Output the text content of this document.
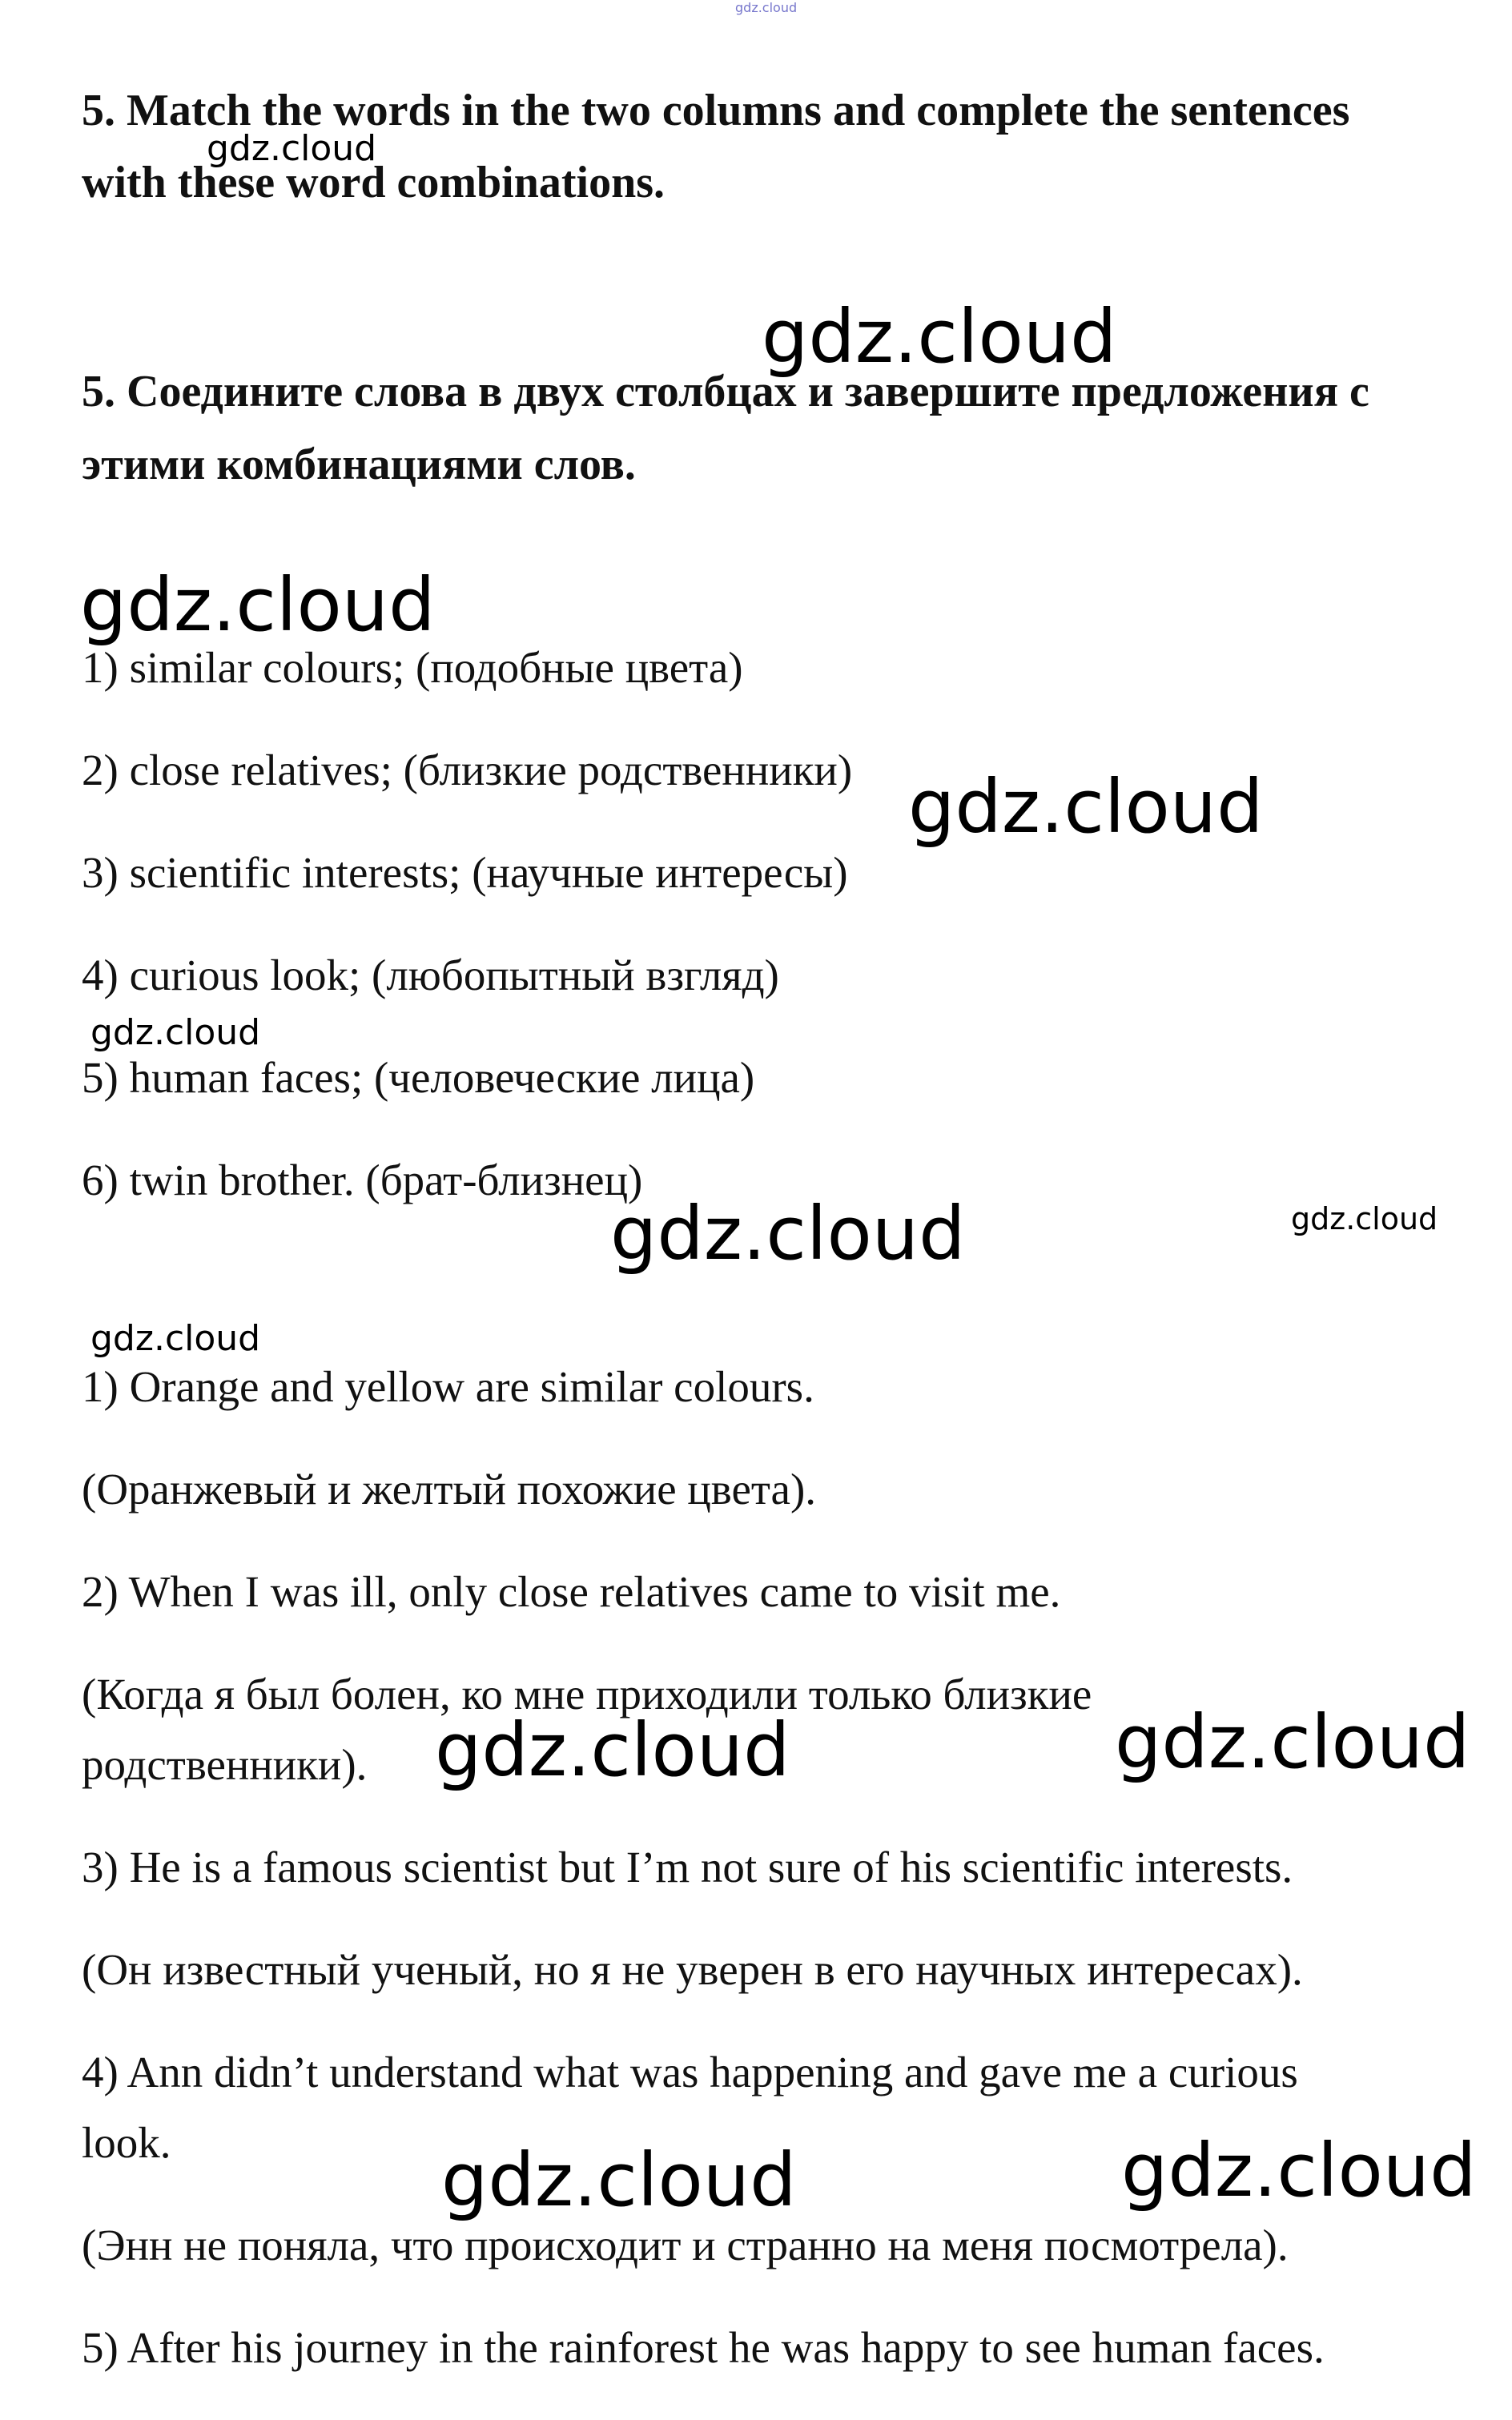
gdz.cloud
5. Match the words in the two columns and complete the sentences
with these word combinations.
5. Соедините слова в двух столбцах и завершите предложения с
этими комбинациями слов.
1) similar colours; (подобные цвета)
2) close relatives; (близкие родственники)
3) scientific interests; (научные интересы)
4) curious look; (любопытный взгляд)
5) human faces; (человеческие лица)
6) twin brother. (брат-близнец)
1) Orange and yellow are similar colours.
(Оранжевый и желтый похожие цвета).
2) When I was ill, only close relatives came to visit me.
(Когда я был болен, ко мне приходили только близкие
родственники).
3) He is a famous scientist but I’m not sure of his scientific interests.
(Он известный ученый, но я не уверен в его научных интересах).
4) Ann didn’t understand what was happening and gave me a curious
look.
(Энн не поняла, что происходит и странно на меня посмотрела).
5) After his journey in the rainforest he was happy to see human faces.
gdz.cloud
gdz.cloud
gdz.cloud
gdz.cloud
gdz.cloud
gdz.cloud	gdz.cloud
gdz.cloud
gdz.cloud	gdz.cloud
gdz.cloud	gdz.cloud
